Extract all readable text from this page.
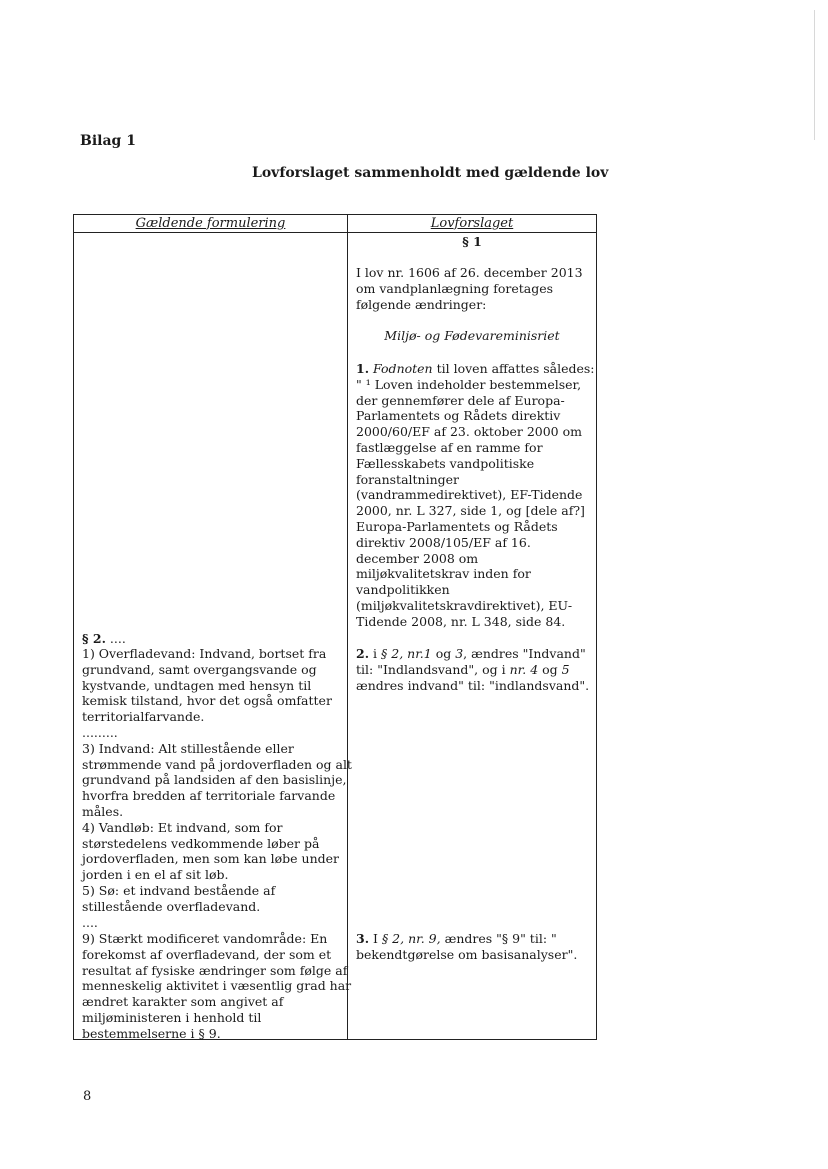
Bilag 1
Lovforslaget sammenholdt med gældende lov
Gældende formulering	Lovforslaget
§ 1
I lov nr. 1606 af 26. december 2013
om vandplanlægning foretages
følgende ændringer:
Miljø- og Fødevareminisriet
1. Fodnoten til loven affattes således:
" ¹ Loven indeholder bestemmelser,
der gennemfører dele af Europa-
Parlamentets og Rådets direktiv
2000/60/EF af 23. oktober 2000 om
fastlæggelse af en ramme for
Fællesskabets vandpolitiske
foranstaltninger
(vandrammedirektivet), EF-Tidende
2000, nr. L 327, side 1, og [dele af?]
Europa-Parlamentets og Rådets
direktiv 2008/105/EF af 16.
december 2008 om
miljøkvalitetskrav inden for
vandpolitikken
(miljøkvalitetskravdirektivet), EU-
Tidende 2008, nr. L 348, side 84.
2. i § 2, nr.1 og 3, ændres "Indvand"
til: "Indlandsvand", og i nr. 4 og 5
ændres indvand" til: "indlandsvand".
3. I § 2, nr. 9, ændres "§ 9" til: "
bekendtgørelse om basisanalyser".
§ 2. ....
1) Overfladevand: Indvand, bortset fra
grundvand, samt overgangsvande og
kystvande, undtagen med hensyn til
kemisk tilstand, hvor det også omfatter
territorialfarvande.
.........
3) Indvand: Alt stillestående eller
strømmende vand på jordoverfladen og alt
grundvand på landsiden af den basislinje,
hvorfra bredden af territoriale farvande
måles.
4) Vandløb: Et indvand, som for
størstedelens vedkommende løber på
jordoverfladen, men som kan løbe under
jorden i en el af sit løb.
5) Sø: et indvand bestående af
stillestående overfladevand.
....
9) Stærkt modificeret vandområde: En
forekomst af overfladevand, der som et
resultat af fysiske ændringer som følge af
menneskelig aktivitet i væsentlig grad har
ændret karakter som angivet af
miljøministeren i henhold til
bestemmelserne i § 9.
8
